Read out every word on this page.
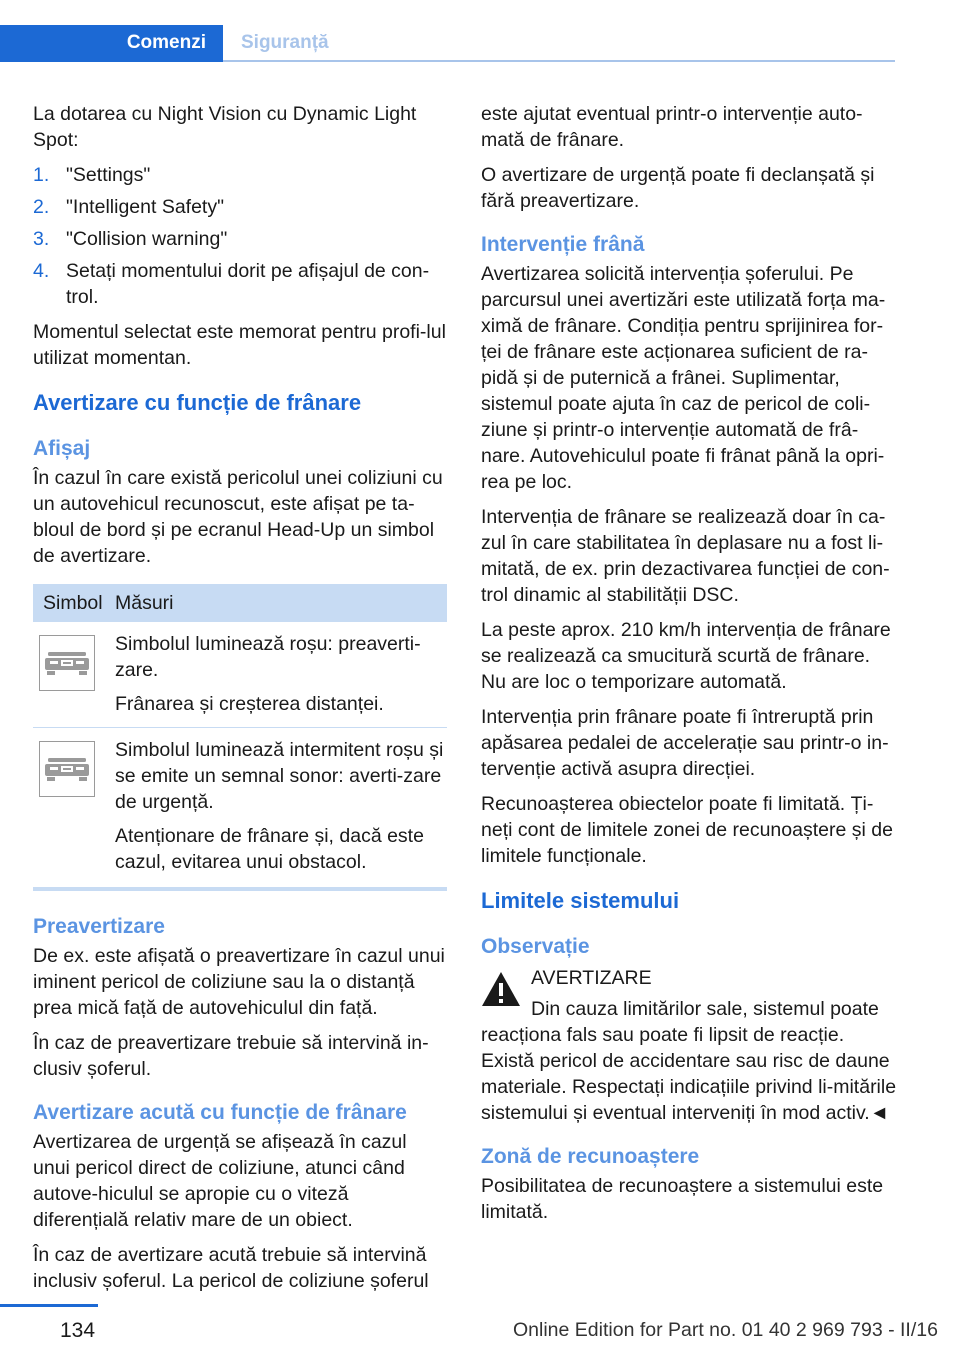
Comenzi	Siguranță

La dotarea cu Night Vision cu Dynamic Light Spot:

1. "Settings"
2. "Intelligent Safety"
3. "Collision warning"
4. Setați momentului dorit pe afișajul de con-trol.

Momentul selectat este memorat pentru profi-lul utilizat momentan.

Avertizare cu funcție de frânare
Afișaj

În cazul în care există pericolul unei coliziuni cu un autovehicul recunoscut, este afișat pe ta-bloul de bord și pe ecranul Head-Up un simbol de avertizare.

Simbol Măsuri

Simbolul luminează roșu: preaverti-zare.

Frânarea și creșterea distanței.

Simbolul luminează intermitent roșu și se emite un semnal sonor: averti-zare de urgență.

Atenționare de frânare și, dacă este cazul, evitarea unui obstacol.

Preavertizare

De ex. este afișată o preavertizare în cazul unui iminent pericol de coliziune sau la o distanță prea mică față de autovehiculul din față.

În caz de preavertizare trebuie să intervină in-clusiv șoferul.

Avertizare acută cu funcție de frânare

Avertizarea de urgență se afișează în cazul unui pericol direct de coliziune, atunci când autove-hiculul se apropie cu o viteză diferențială relativ mare de un obiect.

În caz de avertizare acută trebuie să intervină inclusiv șoferul. La pericol de coliziune șoferul

este ajutat eventual printr-o intervenție auto-mată de frânare.

O avertizare de urgență poate fi declanșată și fără preavertizare.

Intervenție frână

Avertizarea solicită intervenția șoferului. Pe parcursul unei avertizări este utilizată forța ma-ximă de frânare. Condiția pentru sprijinirea for-ței de frânare este acționarea suficient de ra-pidă și de puternică a frânei. Suplimentar, sistemul poate ajuta în caz de pericol de coli-ziune și printr-o intervenție automată de frâ-nare. Autovehiculul poate fi frânat până la opri-rea pe loc.

Intervenția de frânare se realizează doar în ca-zul în care stabilitatea în deplasare nu a fost li-mitată, de ex. prin dezactivarea funcției de con-trol dinamic al stabilității DSC.

La peste aprox. 210 km/h intervenția de frânare se realizează ca smucitură scurtă de frânare. Nu are loc o temporizare automată.

Intervenția prin frânare poate fi întreruptă prin apăsarea pedalei de accelerație sau printr-o in-tervenție activă asupra direcției.

Recunoașterea obiectelor poate fi limitată. Ți-neți cont de limitele zonei de recunoaștere și de limitele funcționale.

Limitele sistemului
Observație

AVERTIZARE

Din cauza limitărilor sale, sistemul poate reacționa fals sau poate fi lipsit de reacție. Există pericol de accidentare sau risc de daune materiale. Respectați indicațiile privind li-mitările sistemului și eventual interveniți în mod activ.◄

Zonă de recunoaștere

Posibilitatea de recunoaștere a sistemului este limitată.

134	Online Edition for Part no. 01 40 2 969 793 - II/16
